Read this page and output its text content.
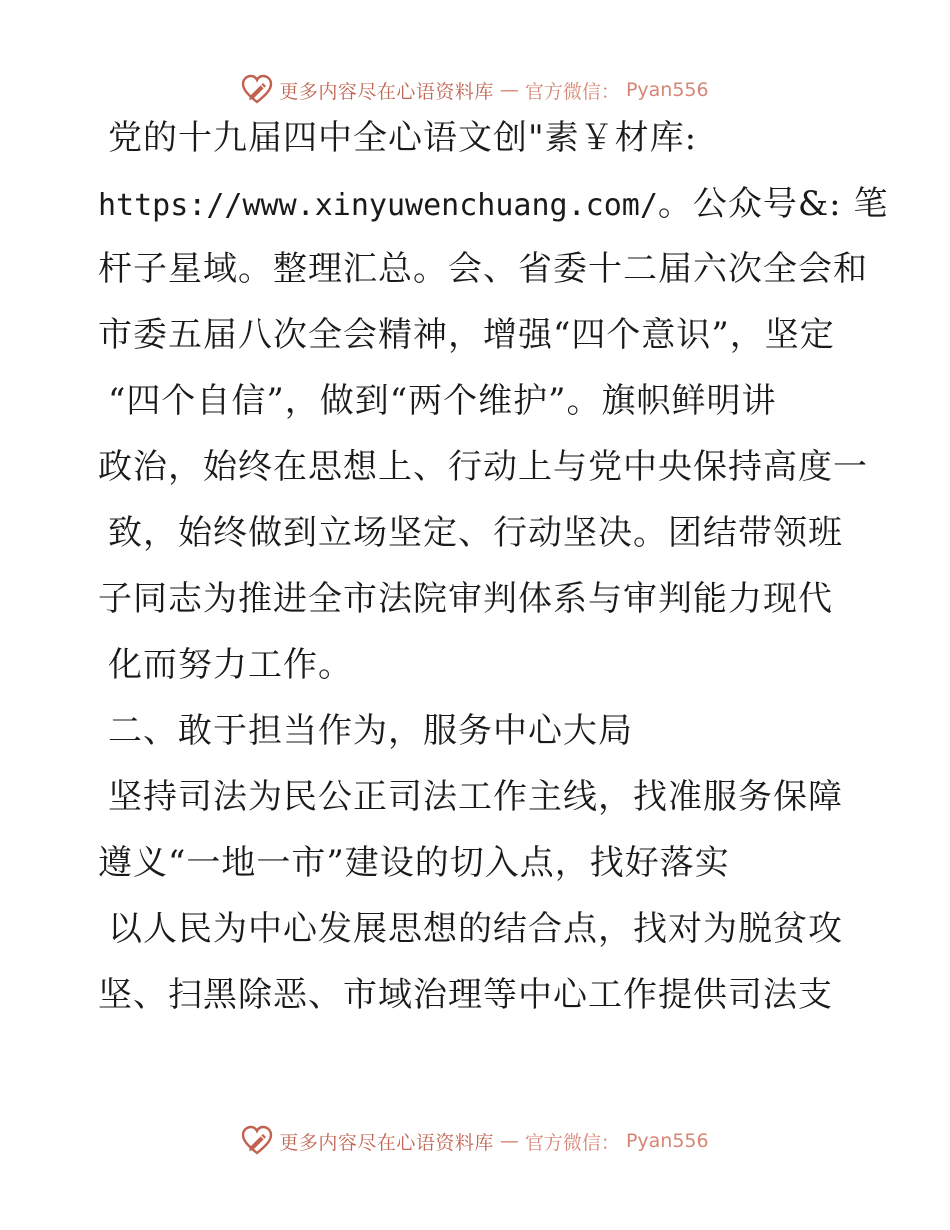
更多内容尽在心语资料库 — 官方微信： Pyan556
党的十九届四中全心语文创"素￥材库:
https://www.xinyuwenchuang.com/。公众号&: 笔
杆子星域。整理汇总。会、省委十二届六次全会和
市委五届八次全会精神，增强“四个意识”，坚定
“四个自信”，做到“两个维护”。旗帜鲜明讲
政治，始终在思想上、行动上与党中央保持高度一
致，始终做到立场坚定、行动坚决。团结带领班
子同志为推进全市法院审判体系与审判能力现代
化而努力工作。
二、敢于担当作为，服务中心大局
坚持司法为民公正司法工作主线，找准服务保障
遵义“一地一市”建设的切入点，找好落实
以人民为中心发展思想的结合点，找对为脱贫攻
坚、扫黑除恶、市域治理等中心工作提供司法支
更多内容尽在心语资料库 — 官方微信： Pyan556
